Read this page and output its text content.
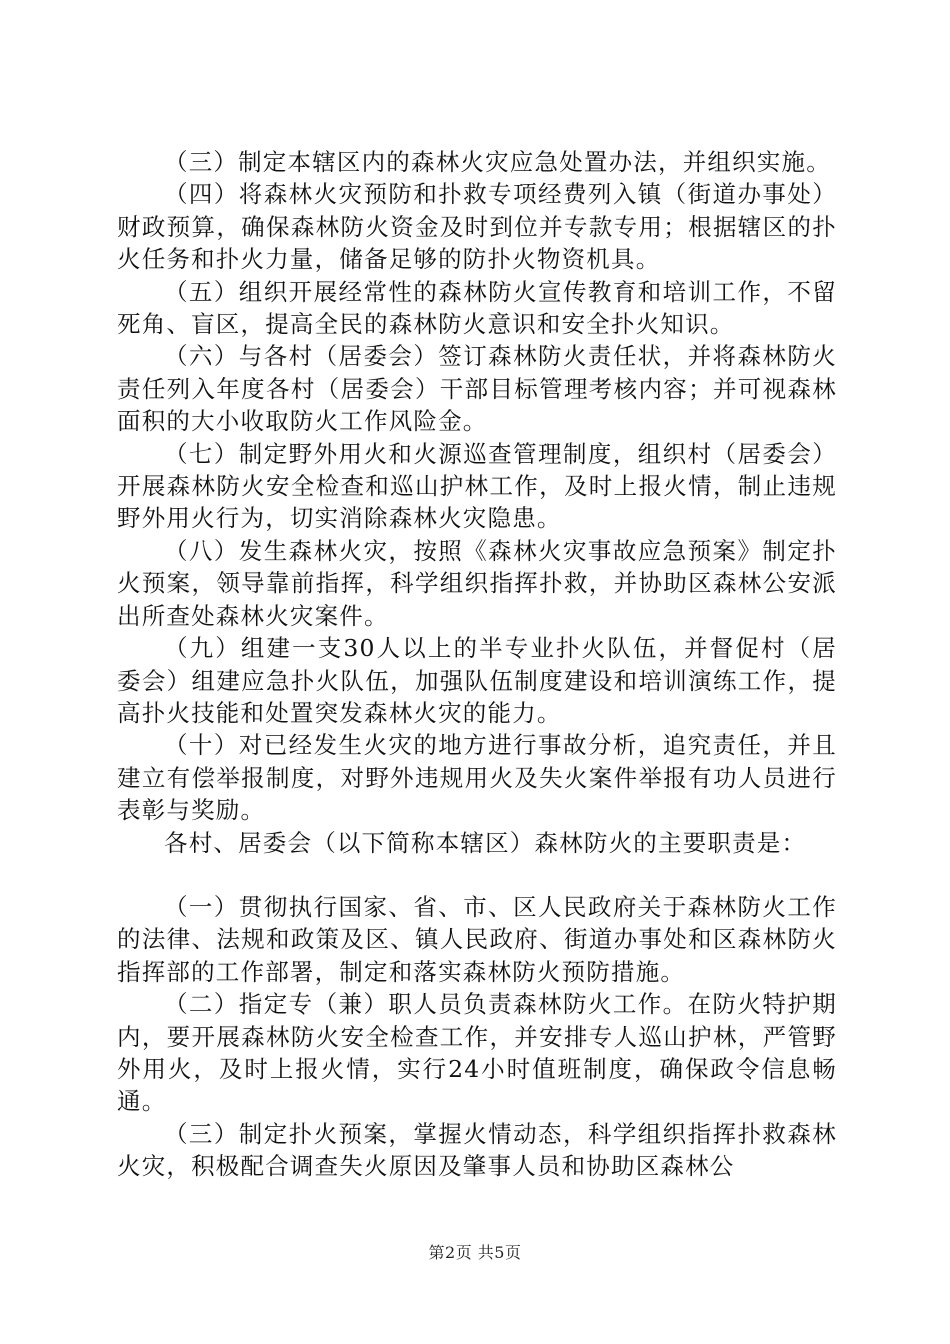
（三）制定本辖区内的森林火灾应急处置办法，并组织实施。

（四）将森林火灾预防和扑救专项经费列入镇（街道办事处）财政预算，确保森林防火资金及时到位并专款专用；根据辖区的扑火任务和扑火力量，储备足够的防扑火物资机具。

（五）组织开展经常性的森林防火宣传教育和培训工作，不留死角、盲区，提高全民的森林防火意识和安全扑火知识。

（六）与各村（居委会）签订森林防火责任状，并将森林防火责任列入年度各村（居委会）干部目标管理考核内容；并可视森林面积的大小收取防火工作风险金。

（七）制定野外用火和火源巡查管理制度，组织村（居委会）开展森林防火安全检查和巡山护林工作，及时上报火情，制止违规野外用火行为，切实消除森林火灾隐患。

（八）发生森林火灾，按照《森林火灾事故应急预案》制定扑火预案，领导靠前指挥，科学组织指挥扑救，并协助区森林公安派出所查处森林火灾案件。

（九）组建一支30人以上的半专业扑火队伍，并督促村（居委会）组建应急扑火队伍，加强队伍制度建设和培训演练工作，提高扑火技能和处置突发森林火灾的能力。

（十）对已经发生火灾的地方进行事故分析，追究责任，并且建立有偿举报制度，对野外违规用火及失火案件举报有功人员进行表彰与奖励。

各村、居委会（以下简称本辖区）森林防火的主要职责是：

（一）贯彻执行国家、省、市、区人民政府关于森林防火工作的法律、法规和政策及区、镇人民政府、街道办事处和区森林防火指挥部的工作部署，制定和落实森林防火预防措施。

（二）指定专（兼）职人员负责森林防火工作。在防火特护期内，要开展森林防火安全检查工作，并安排专人巡山护林，严管野外用火，及时上报火情，实行24小时值班制度，确保政令信息畅通。

（三）制定扑火预案，掌握火情动态，科学组织指挥扑救森林火灾，积极配合调查失火原因及肇事人员和协助区森林公

第2页 共5页
